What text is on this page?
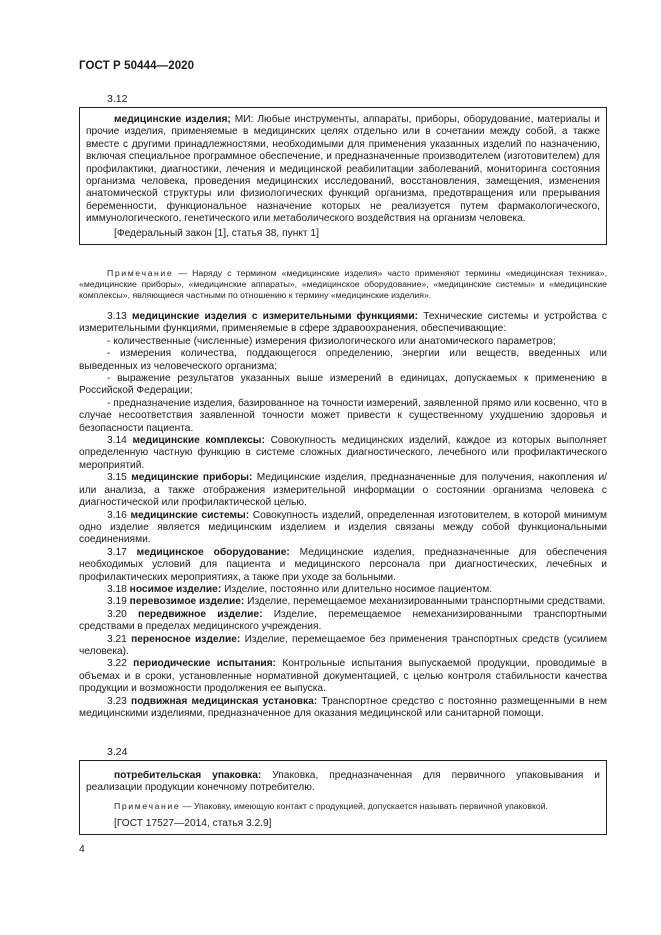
ГОСТ Р 50444—2020
3.12

медицинские изделия; МИ: Любые инструменты, аппараты, приборы, оборудование, материалы и прочие изделия, применяемые в медицинских целях отдельно или в сочетании между собой, а также вместе с другими принадлежностями, необходимыми для применения указанных изделий по назначению, включая специальное программное обеспечение, и предназначенные производителем (изготовителем) для профилактики, диагностики, лечения и медицинской реабилитации заболеваний, мониторинга состояния организма человека, проведения медицинских исследований, восстановления, замещения, изменения анатомической структуры или физиологических функций организма, предотвращения или прерывания беременности, функциональное назначение которых не реализуется путем фармакологического, иммунологического, генетического или метаболического воздействия на организм человека.

[Федеральный закон [1], статья 38, пункт 1]

Примечание — Наряду с термином «медицинские изделия» часто применяют термины «медицинская техника», «медицинские приборы», «медицинские аппараты», «медицинское оборудование», «медицинские системы» и «медицинские комплексы», являющиеся частными по отношению к термину «медицинские изделия».

3.13 медицинские изделия с измерительными функциями: Технические системы и устройства с измерительными функциями, применяемые в сфере здравоохранения, обеспечивающие:

- количественные (численные) измерения физиологического или анатомического параметров;

- измерения количества, поддающегося определению, энергии или веществ, введенных или выведенных из человеческого организма;

- выражение результатов указанных выше измерений в единицах, допускаемых к применению в Российской Федерации;

- предназначение изделия, базированное на точности измерений, заявленной прямо или косвенно, что в случае несоответствия заявленной точности может привести к существенному ухудшению здоровья и безопасности пациента.

3.14 медицинские комплексы: Совокупность медицинских изделий, каждое из которых выполняет определенную частную функцию в системе сложных диагностического, лечебного или профилактического мероприятий.

3.15 медицинские приборы: Медицинские изделия, предназначенные для получения, накопления и/или анализа, а также отображения измерительной информации о состоянии организма человека с диагностической или профилактической целью.

3.16 медицинские системы: Совокупность изделий, определенная изготовителем, в которой минимум одно изделие является медицинским изделием и изделия связаны между собой функциональными соединениями.

3.17 медицинское оборудование: Медицинские изделия, предназначенные для обеспечения необходимых условий для пациента и медицинского персонала при диагностических, лечебных и профилактических мероприятиях, а также при уходе за больными.

3.18 носимое изделие: Изделие, постоянно или длительно носимое пациентом.

3.19 перевозимое изделие: Изделие, перемещаемое механизированными транспортными средствами.

3.20 передвижное изделие: Изделие, перемещаемое немеханизированными транспортными средствами в пределах медицинского учреждения.

3.21 переносное изделие: Изделие, перемещаемое без применения транспортных средств (усилием человека).

3.22 периодические испытания: Контрольные испытания выпускаемой продукции, проводимые в объемах и в сроки, установленные нормативной документацией, с целью контроля стабильности качества продукции и возможности продолжения ее выпуска.

3.23 подвижная медицинская установка: Транспортное средство с постоянно размещенными в нем медицинскими изделиями, предназначенное для оказания медицинской или санитарной помощи.

3.24

потребительская упаковка: Упаковка, предназначенная для первичного упаковывания и реализации продукции конечному потребителю.

Примечание — Упаковку, имеющую контакт с продукцией, допускается называть первичной упаковкой.

[ГОСТ 17527—2014, статья 3.2.9]
4
